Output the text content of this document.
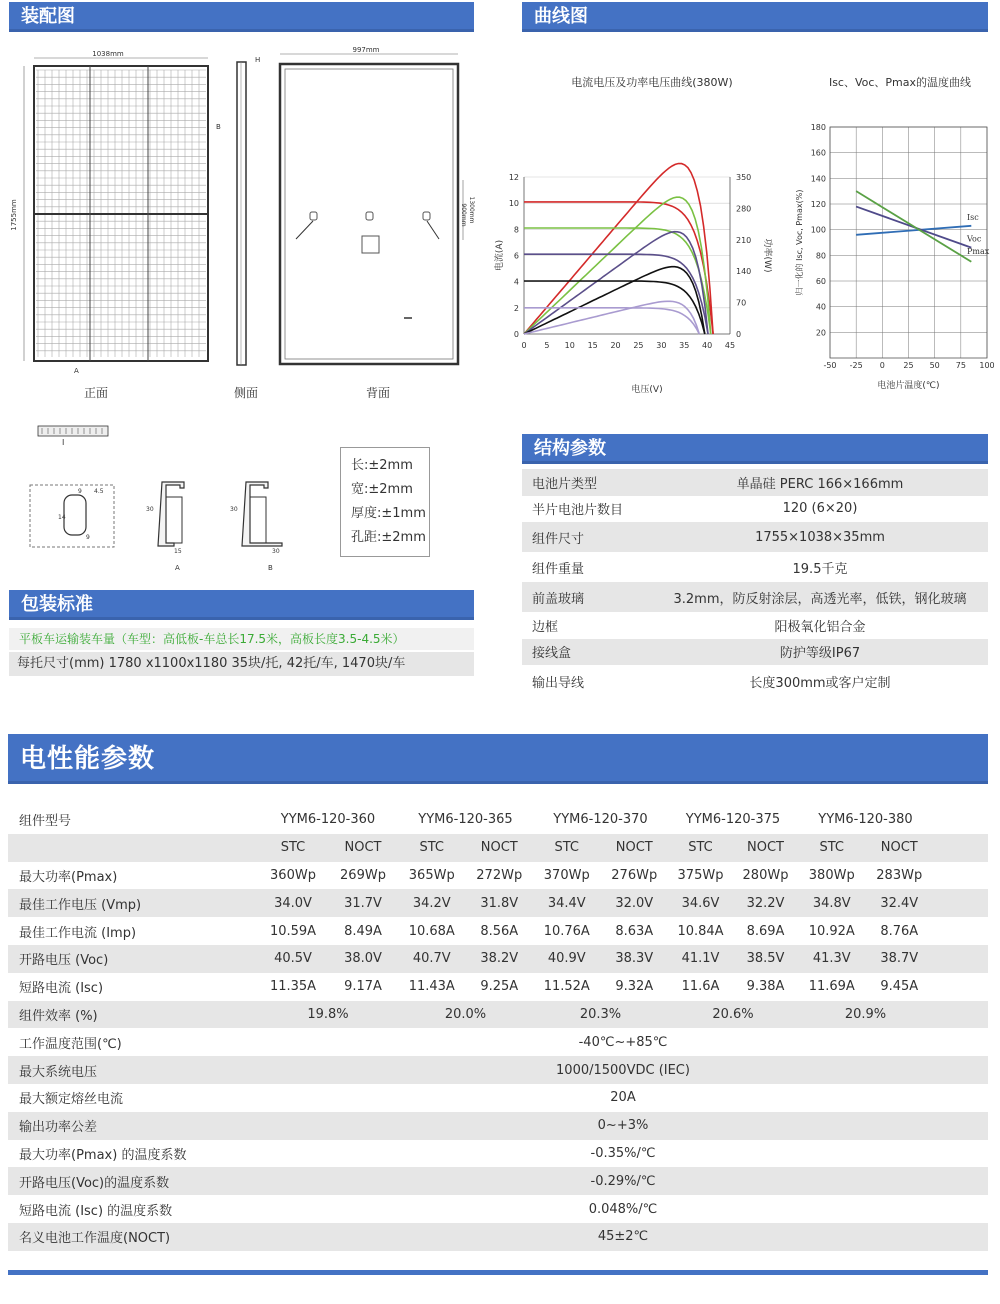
装配图	曲线图
结构参数
包装标准
电性能参数
1038mm
1755mm
A
B
H
997mm
1300mm
900mm
正面	侧面	背面
I
9 4.5
14
9
30
15
30
30
A	B
长:±2mm
宽:±2mm
厚度:±1mm
孔距:±2mm
电流电压及功率电压曲线(380W)	Isc、Voc、Pmax的温度曲线
0
2
4
6
8
10
12
0
70
140
210
280
350
0 5 10 15 20 25 30 35 40 45
电流(A)	功率(W)
电压(V)
20
40
60
80
100
120
140
160
180
-50 -25 0 25 50 75 100
Isc
Voc
Pmax
归一化的 Isc, Voc, Pmax(%)
电池片温度(℃)
电池片类型	单晶硅 PERC 166×166mm
半片电池片数目	120 (6×20)
组件尺寸	1755×1038×35mm
组件重量	19.5千克
前盖玻璃	3.2mm，防反射涂层，高透光率，低铁，钢化玻璃
边框	阳极氧化铝合金
接线盒	防护等级IP67
输出导线	长度300mm或客户定制
平板车运输装车量（车型：高低板-车总长17.5米，高板长度3.5-4.5米）
每托尺寸(mm) 1780 x1100x1180 35块/托, 42托/车, 1470块/车
组件型号	YYM6-120-360	YYM6-120-365	YYM6-120-370	YYM6-120-375	YYM6-120-380
STC	NOCT	STC	NOCT	STC	NOCT	STC	NOCT	STC	NOCT
最大功率(Pmax)	360Wp	269Wp	365Wp	272Wp	370Wp	276Wp	375Wp	280Wp	380Wp	283Wp
最佳工作电压 (Vmp)	34.0V	31.7V	34.2V	31.8V	34.4V	32.0V	34.6V	32.2V	34.8V	32.4V
最佳工作电流 (Imp)	10.59A	8.49A	10.68A	8.56A	10.76A	8.63A	10.84A	8.69A	10.92A	8.76A
开路电压 (Voc)	40.5V	38.0V	40.7V	38.2V	40.9V	38.3V	41.1V	38.5V	41.3V	38.7V
短路电流 (Isc)	11.35A	9.17A	11.43A	9.25A	11.52A	9.32A	11.6A	9.38A	11.69A	9.45A
组件效率 (%)	19.8%	20.0%	20.3%	20.6%	20.9%
工作温度范围(℃)	-40℃~+85℃
最大系统电压	1000/1500VDC (IEC)
最大额定熔丝电流	20A
输出功率公差	0~+3%
最大功率(Pmax) 的温度系数	-0.35%/℃
开路电压(Voc)的温度系数	-0.29%/℃
短路电流 (Isc) 的温度系数	0.048%/℃
名义电池工作温度(NOCT)	45±2℃
